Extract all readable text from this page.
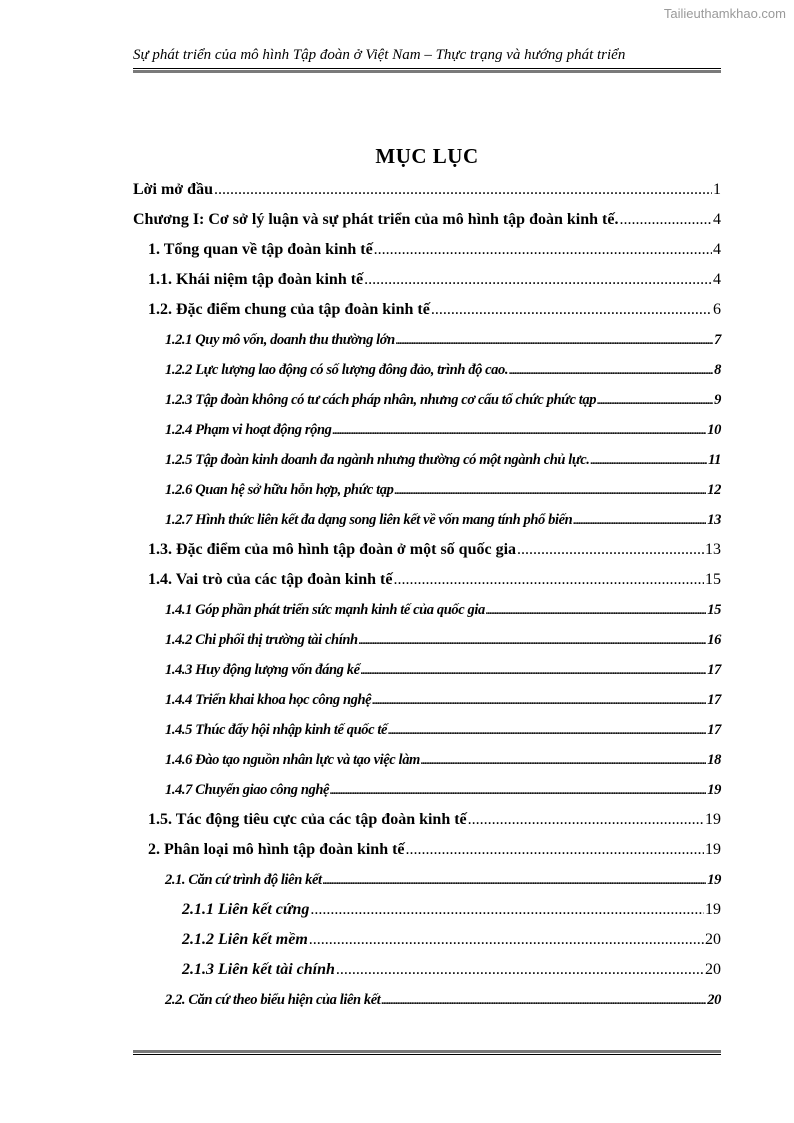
Tailieuthamkhao.com
Sự phát triển của mô hình Tập đoàn ở Việt Nam – Thực trạng và hướng phát triển
MỤC LỤC
Lời mở đầu .....	1
Chương I: Cơ sở lý luận và sự phát triển của mô hình tập đoàn kinh tế. .....	4
1. Tổng quan về tập đoàn kinh tế .....	4
1.1. Khái niệm tập đoàn kinh tế .....	4
1.2. Đặc điểm chung của tập đoàn kinh tế .....	6
1.2.1 Quy mô vốn, doanh thu thường lớn .....	7
1.2.2 Lực lượng lao động có số lượng đông đảo, trình độ cao. .....	8
1.2.3 Tập đoàn không có tư cách pháp nhân, nhưng cơ cấu tổ chức phức tạp .....	9
1.2.4 Phạm vi hoạt động rộng .....	10
1.2.5 Tập đoàn kinh doanh đa ngành nhưng thường có một ngành chủ lực. .....	11
1.2.6 Quan hệ sở hữu hỗn hợp, phức tạp .....	12
1.2.7 Hình thức liên kết đa dạng song liên kết về vốn mang tính phổ biến .....	13
1.3. Đặc điểm của mô hình tập đoàn ở một số quốc gia .....	13
1.4. Vai trò của các tập đoàn kinh tế .....	15
1.4.1 Góp phần phát triển sức mạnh kinh tế của quốc gia .....	15
1.4.2 Chi phối thị trường tài chính .....	16
1.4.3 Huy động lượng vốn đáng kể .....	17
1.4.4 Triển khai khoa học công nghệ .....	17
1.4.5 Thúc đẩy hội nhập kinh tế quốc tế .....	17
1.4.6 Đào tạo nguồn nhân lực và tạo việc làm .....	18
1.4.7 Chuyển giao công nghệ .....	19
1.5. Tác động tiêu cực của các tập đoàn kinh tế .....	19
2. Phân loại mô hình tập đoàn kinh tế .....	19
2.1. Căn cứ trình độ liên kết .....	19
2.1.1 Liên kết cứng .....	19
2.1.2 Liên kết mềm .....	20
2.1.3 Liên kết tài chính .....	20
2.2. Căn cứ theo biểu hiện của liên kết .....	20
